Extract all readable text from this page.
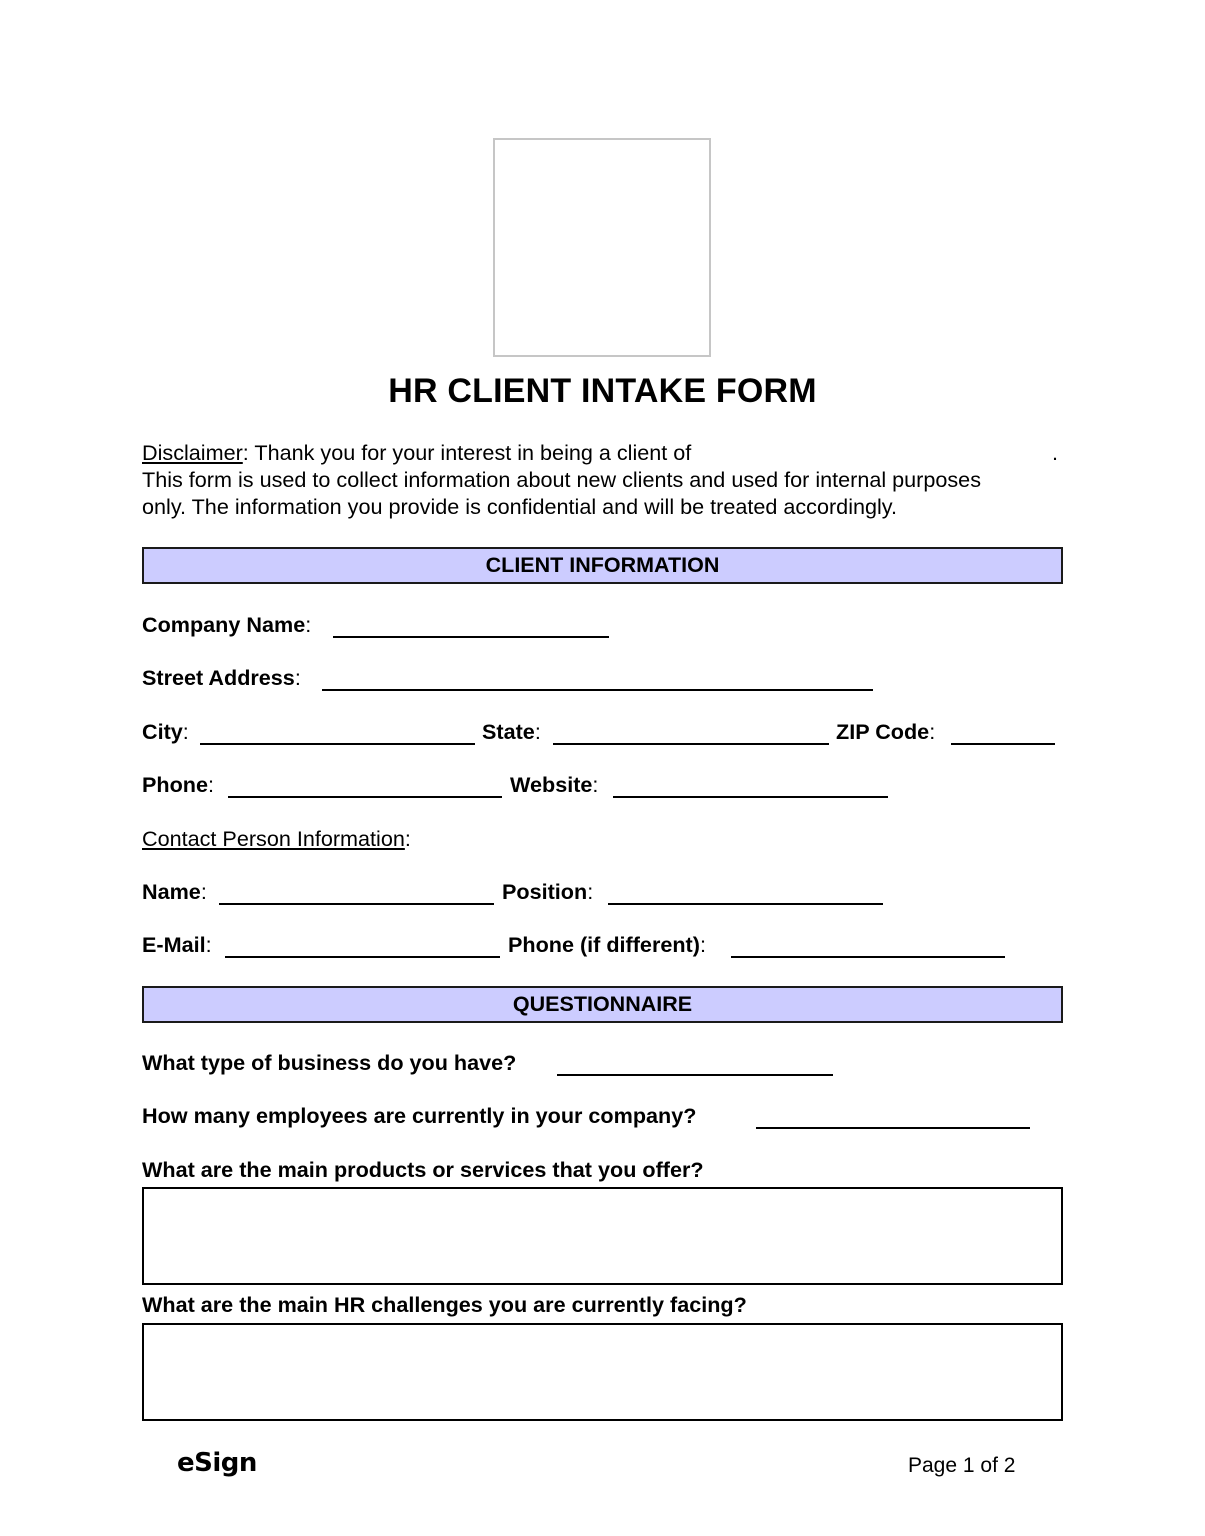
HR CLIENT INTAKE FORM
Disclaimer: Thank you for your interest in being a client of	.
This form is used to collect information about new clients and used for internal purposes
only. The information you provide is confidential and will be treated accordingly.
CLIENT INFORMATION
Company Name:
Street Address:
City:	State:	ZIP Code:
Phone:	Website:
Contact Person Information:
Name:	Position:
E-Mail:	Phone (if different):
QUESTIONNAIRE
What type of business do you have?
How many employees are currently in your company?
What are the main products or services that you offer?
What are the main HR challenges you are currently facing?
eSign	Page 1 of 2
